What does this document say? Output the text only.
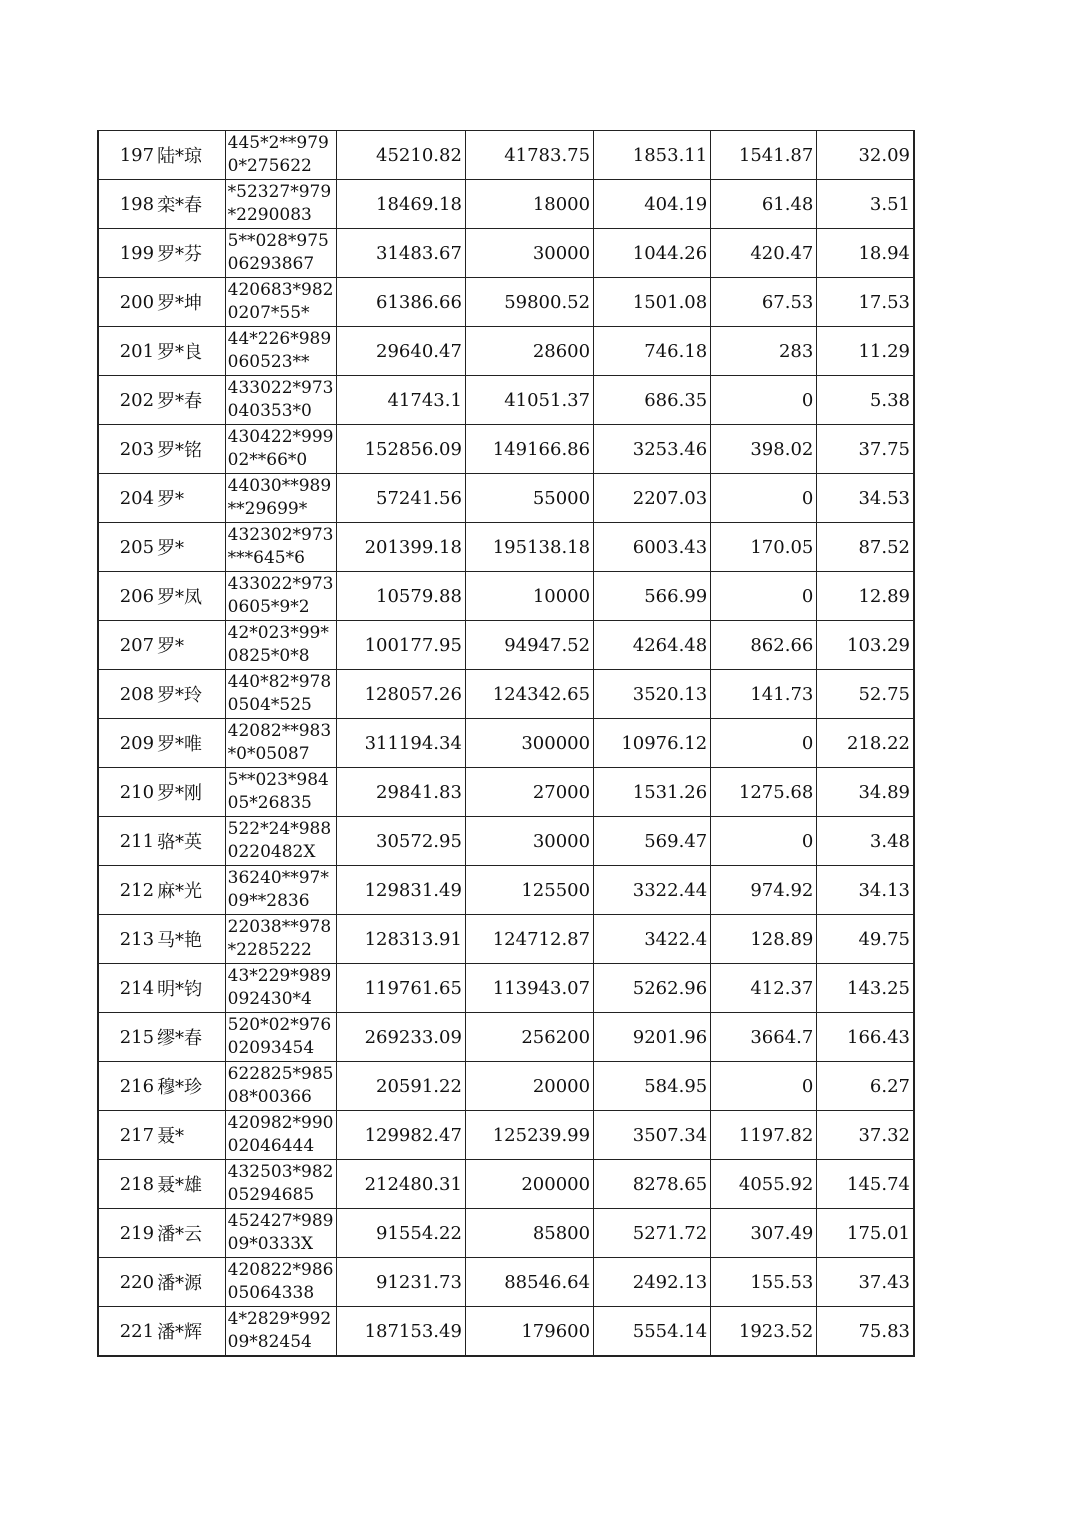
197	陆*琼	445*2**979 0*275622	45210.82	41783.75	1853.11	1541.87	32.09
198	栾*春	*52327*979 *2290083	18469.18	18000	404.19	61.48	3.51
199	罗*芬	5**028*975 06293867	31483.67	30000	1044.26	420.47	18.94
200	罗*坤	420683*982 0207*55*	61386.66	59800.52	1501.08	67.53	17.53
201	罗*良	44*226*989 060523**	29640.47	28600	746.18	283	11.29
202	罗*春	433022*973 040353*0	41743.1	41051.37	686.35	0	5.38
203	罗*铭	430422*999 02**66*0	152856.09	149166.86	3253.46	398.02	37.75
204	罗*	44030**989 **29699*	57241.56	55000	2207.03	0	34.53
205	罗*	432302*973 ***645*6	201399.18	195138.18	6003.43	170.05	87.52
206	罗*凤	433022*973 0605*9*2	10579.88	10000	566.99	0	12.89
207	罗*	42*023*99* 0825*0*8	100177.95	94947.52	4264.48	862.66	103.29
208	罗*玲	440*82*978 0504*525	128057.26	124342.65	3520.13	141.73	52.75
209	罗*唯	42082**983 *0*05087	311194.34	300000	10976.12	0	218.22
210	罗*刚	5**023*984 05*26835	29841.83	27000	1531.26	1275.68	34.89
211	骆*英	522*24*988 0220482X	30572.95	30000	569.47	0	3.48
212	麻*光	36240**97* 09**2836	129831.49	125500	3322.44	974.92	34.13
213	马*艳	22038**978 *2285222	128313.91	124712.87	3422.4	128.89	49.75
214	明*钧	43*229*989 092430*4	119761.65	113943.07	5262.96	412.37	143.25
215	缪*春	520*02*976 02093454	269233.09	256200	9201.96	3664.7	166.43
216	穆*珍	622825*985 08*00366	20591.22	20000	584.95	0	6.27
217	聂*	420982*990 02046444	129982.47	125239.99	3507.34	1197.82	37.32
218	聂*雄	432503*982 05294685	212480.31	200000	8278.65	4055.92	145.74
219	潘*云	452427*989 09*0333X	91554.22	85800	5271.72	307.49	175.01
220	潘*源	420822*986 05064338	91231.73	88546.64	2492.13	155.53	37.43
221	潘*辉	4*2829*992 09*82454	187153.49	179600	5554.14	1923.52	75.83
